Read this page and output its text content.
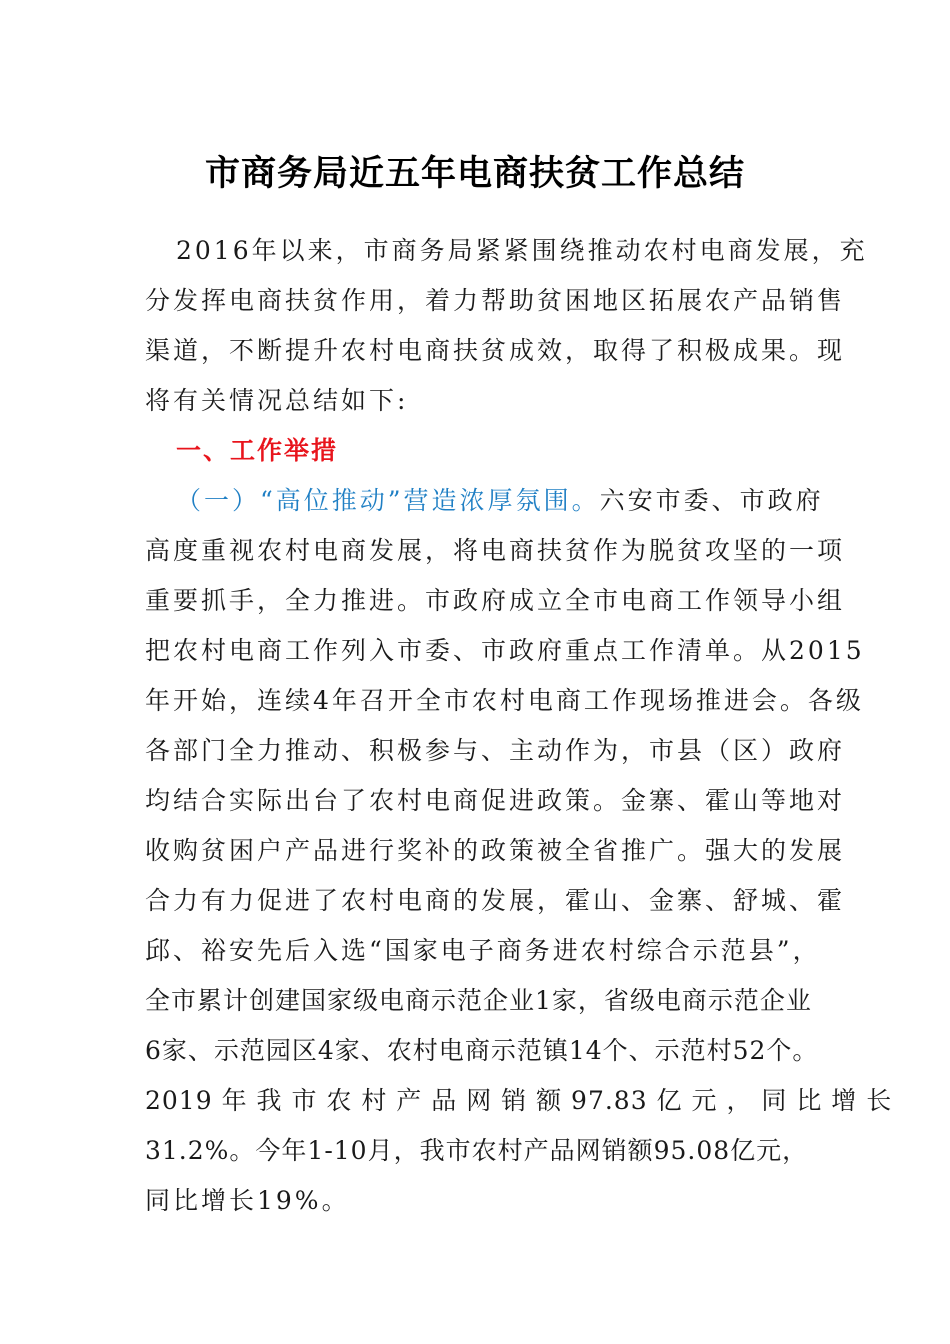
市商务局近五年电商扶贫工作总结
2016年以来，市商务局紧紧围绕推动农村电商发展，充
分发挥电商扶贫作用，着力帮助贫困地区拓展农产品销售
渠道，不断提升农村电商扶贫成效，取得了积极成果。现
将有关情况总结如下:
一、工作举措
（一）“高位推动”营造浓厚氛围。六安市委、市政府
高度重视农村电商发展，将电商扶贫作为脱贫攻坚的一项
重要抓手，全力推进。市政府成立全市电商工作领导小组
把农村电商工作列入市委、市政府重点工作清单。从2015
年开始，连续4年召开全市农村电商工作现场推进会。各级
各部门全力推动、积极参与、主动作为，市县（区）政府
均结合实际出台了农村电商促进政策。金寨、霍山等地对
收购贫困户产品进行奖补的政策被全省推广。强大的发展
合力有力促进了农村电商的发展，霍山、金寨、舒城、霍
邱、裕安先后入选“国家电子商务进农村综合示范县”，
全市累计创建国家级电商示范企业1家，省级电商示范企业
6家、示范园区4家、农村电商示范镇14个、示范村52个。
2019 年 我 市 农 村 产 品 网 销 额 97.83 亿 元 ， 同 比 增 长
31.2%。今年1-10月，我市农村产品网销额95.08亿元，
同比增长19%。
